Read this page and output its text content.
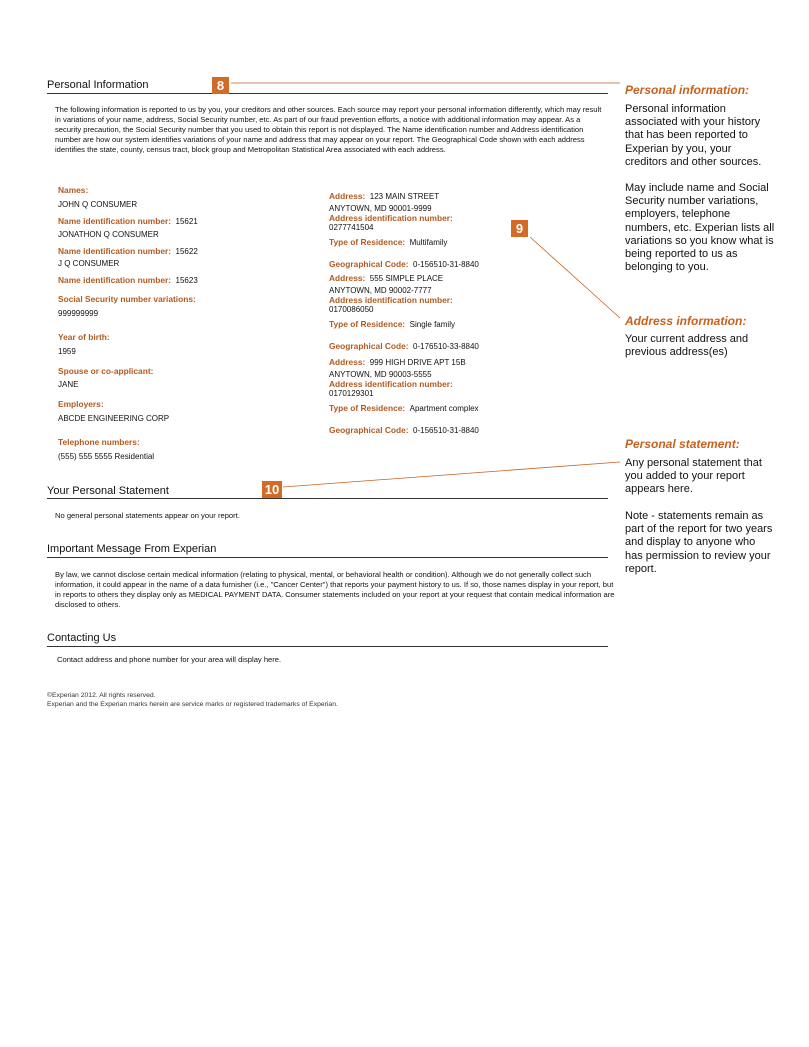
Personal Information	8
The following information is reported to us by you, your creditors and other sources. Each source may report your personal information differently, which may result in variations of your name, address, Social Security number, etc. As part of our fraud prevention efforts, a notice with additional information may appear. As a security precaution, the Social Security number that you used to obtain this report is not displayed. The Name identification number and Address identification number are how our system identifies variations of your name and address that may appear on your report. The Geographical Code shown with each address identifies the state, county, census tract, block group and Metropolitan Statistical Area associated with each address.
Names:
JOHN Q CONSUMER
Name identification number: 15621
JONATHON Q CONSUMER
Name identification number: 15622
J Q CONSUMER
Name identification number: 15623
Social Security number variations:
999999999
Year of birth:
1959
Spouse or co-applicant:
JANE
Employers:
ABCDE ENGINEERING CORP
Telephone numbers:
(555) 555 5555 Residential
Address: 123 MAIN STREET
ANYTOWN, MD 90001-9999
Address identification number:
0277741504
Type of Residence: Multifamily
Geographical Code: 0-156510-31-8840
Address: 555 SIMPLE PLACE
ANYTOWN, MD 90002-7777
Address identification number:
0170086050
Type of Residence: Single family
Geographical Code: 0-176510-33-8840
Address: 999 HIGH DRIVE APT 15B
ANYTOWN, MD 90003-5555
Address identification number:
0170129301
Type of Residence: Apartment complex
Geographical Code: 0-156510-31-8840
9
Your Personal Statement	10
No general personal statements appear on your report.
Important Message From Experian
By law, we cannot disclose certain medical information (relating to physical, mental, or behavioral health or condition). Although we do not generally collect such information, it could appear in the name of a data furnisher (i.e., "Cancer Center") that reports your payment history to us. If so, those names display in your report, but in reports to others they display only as MEDICAL PAYMENT DATA. Consumer statements included on your report at your request that contain medical information are disclosed to others.
Contacting Us
Contact address and phone number for your area will display here.
©Experian 2012. All rights reserved.
Experian and the Experian marks herein are service marks or registered trademarks of Experian.
Personal information:
Personal information associated with your history that has been reported to Experian by you, your creditors and other sources.
May include name and Social Security number variations, employers, telephone numbers, etc. Experian lists all variations so you know what is being reported to us as belonging to you.
Address information:
Your current address and previous address(es)
Personal statement:
Any personal statement that you added to your report appears here.
Note - statements remain as part of the report for two years and display to anyone who has permission to review your report.
